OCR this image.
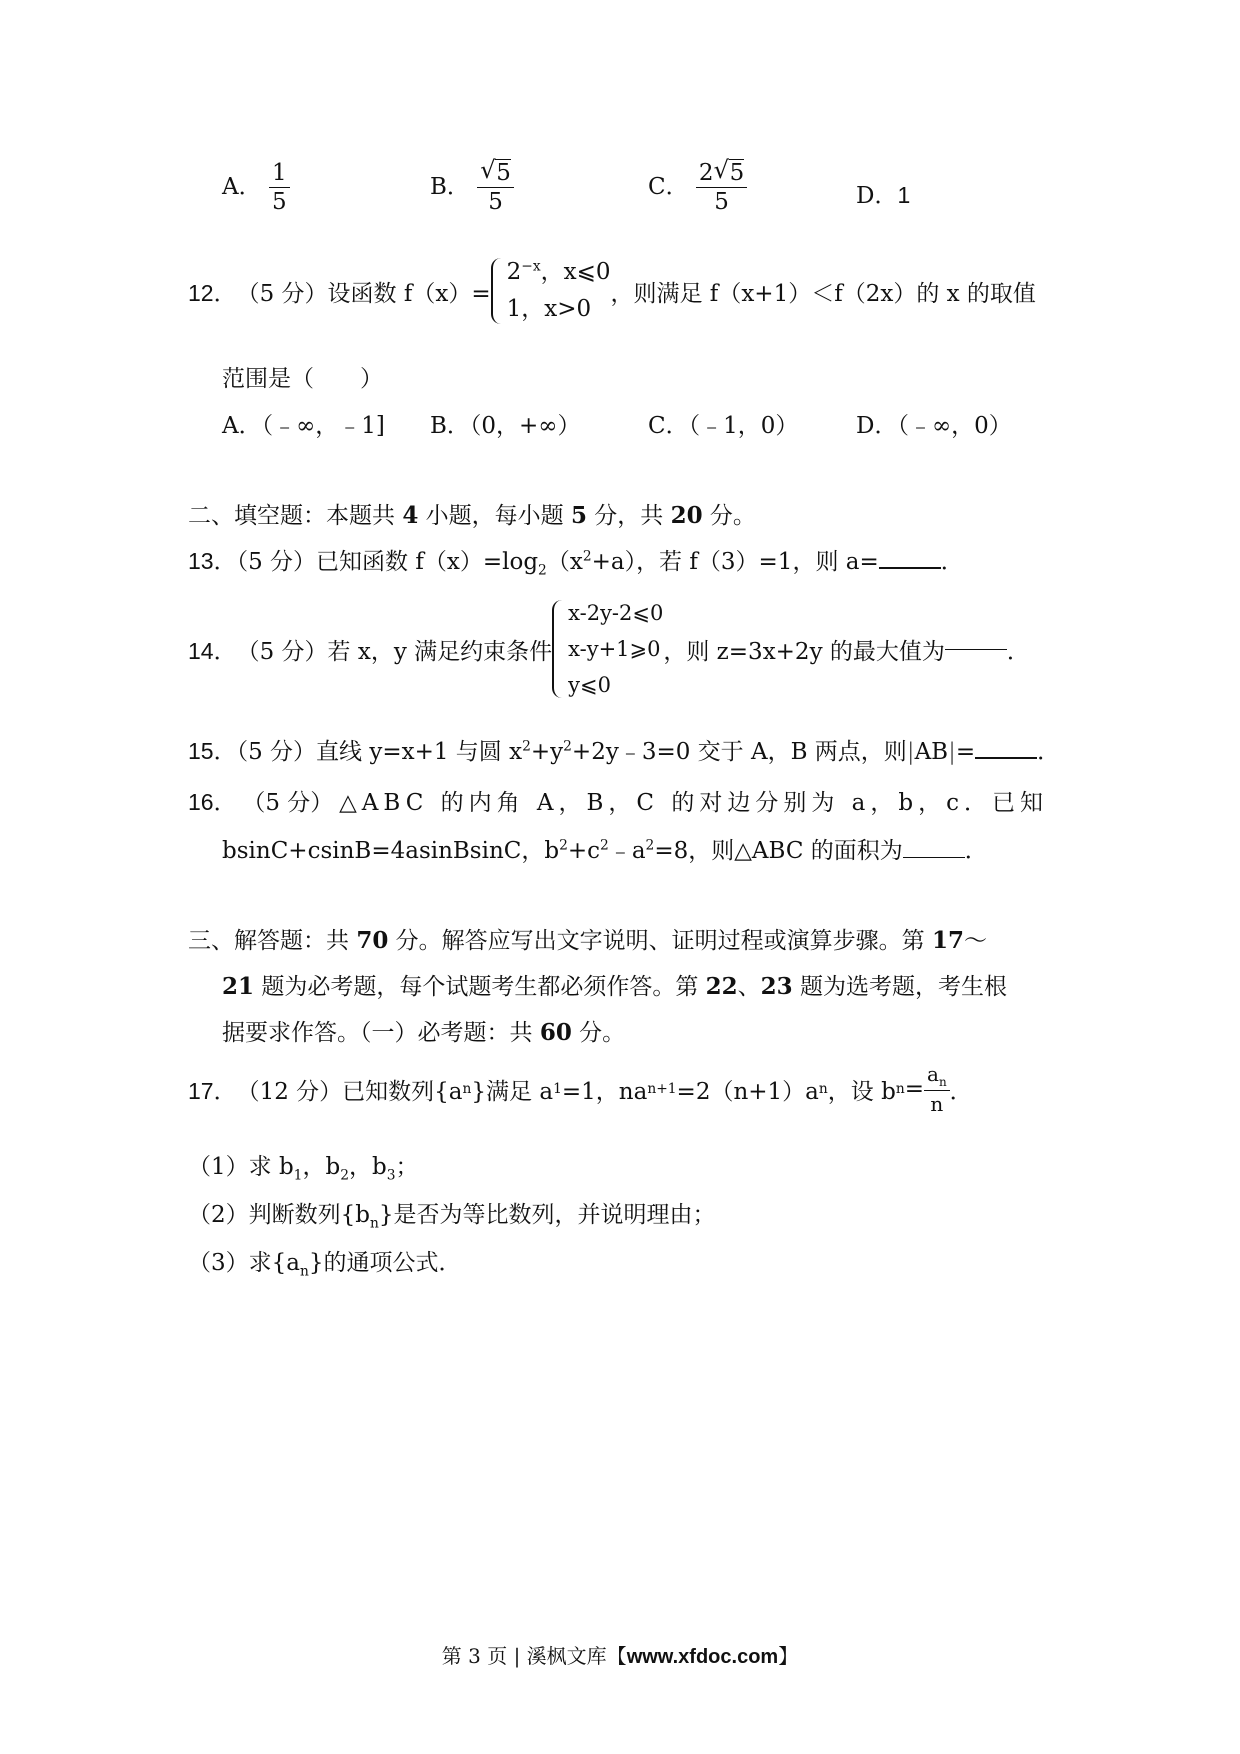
A． $\frac{1}{5}$	B． $\frac{√ 5}{5}$	C． $\frac{2 √ 5}{5}$	D．1
12． （5 分） 设函数 f（x）=
$2^{-x}$，x⩽0
1，x>0
，则满足 f（x+1）＜f（2x）的 x 的取值
范围是（　　）
A．（﹣∞，﹣1] B．（0，+∞）	C．（﹣1，0）	D．（﹣∞，0）
二、填空题：本题共 4 小题，每小题 5 分，共 20 分。
13．（5 分）已知函数 $f(x)=\log_2(x^2+a)$，若 f（3）=1，则 a=	．
14． （5 分） 若 x，y 满足约束条件
x-2y-2⩽0
x-y+1⩾0
y⩽0
，则 z=3x+2y 的最大值为	．
15．（5 分）直线 y=x+1 与圆 $x^2+y^2+2y﹣3=0$ 交于 A，B 两点，则|AB|=	．
16． （5 分） △ABC 的内角 A，B，C 的对边分别为 a，b，c．已知
bsinC+csinB=4asinBsinC，$b^2+c^2﹣a^2=8$，则△ABC 的面积为	．
三、解答题：共 70 分。解答应写出文字说明、证明过程或演算步骤。第 17～
21 题为必考题，每个试题考生都必须作答。第 22、23 题为选考题，考生根
据要求作答。（一）必考题：共 60 分。
17． （12 分） 已知数列{a n }满足 a 1 =1，na n+1 =2（n+1）a n ，设 b $n = \frac{a_n}{n}$ ．
（1）求 $b_1$，$b_2$，$b_3$；
（2）判断数列$\{b_n\}$是否为等比数列，并说明理由；
（3）求$\{a_n\}$的通项公式．
第 3 页 | 溪枫文库【www.xfdoc.com】
